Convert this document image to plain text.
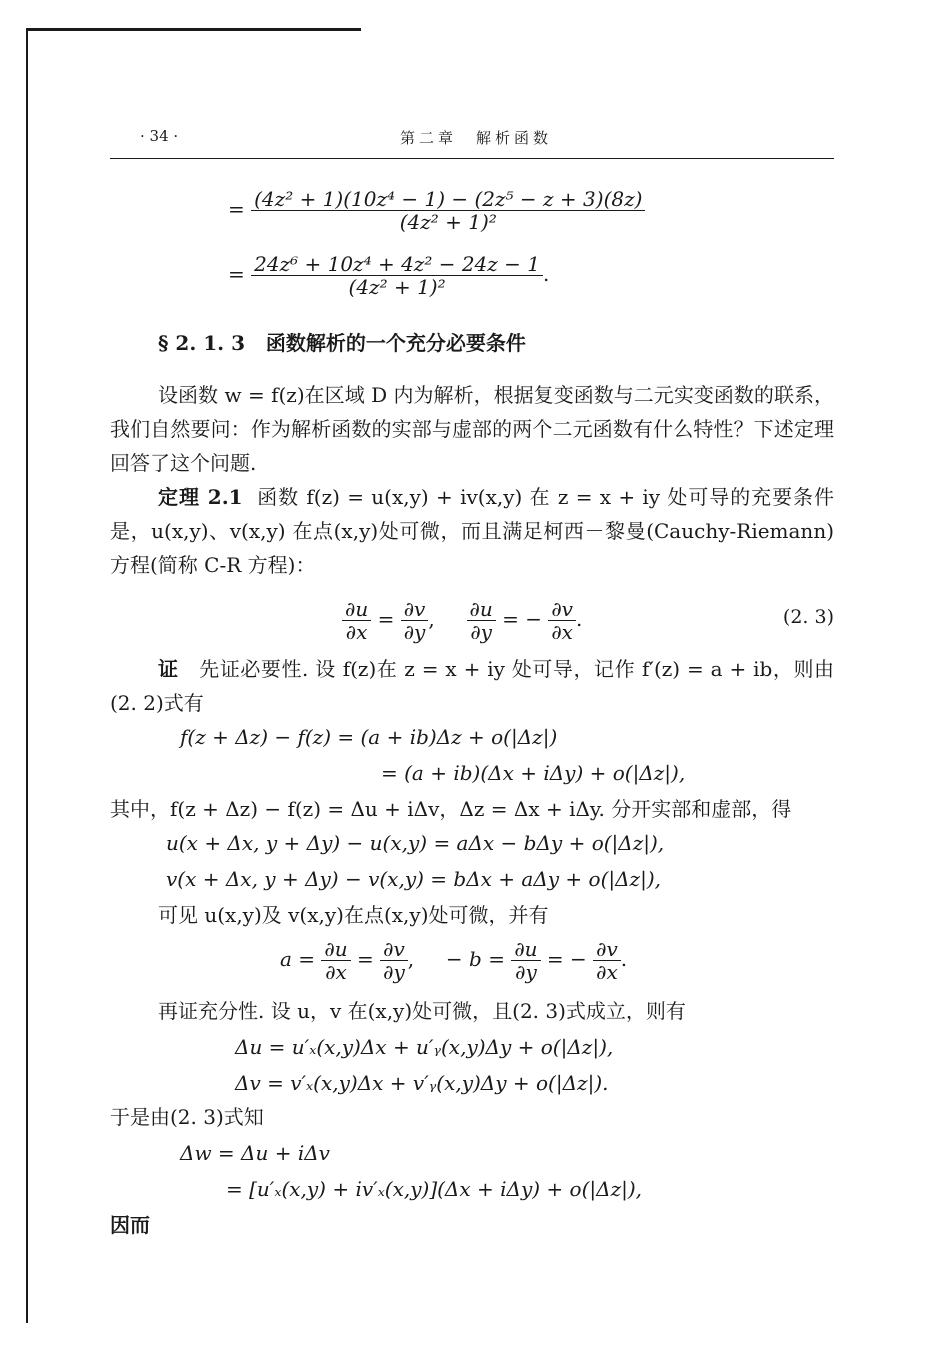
· 34 ·	第二章　解析函数
= $\frac{\text{(4z² + 1)(10z⁴ − 1) − (2z⁵ − z + 3)(8z)}}{\text{(4z² + 1)²}}$
= $\frac{\text{24z⁶ + 10z⁴ + 4z² − 24z − 1}}{\text{(4z² + 1)²}}$ .
§ 2. 1. 3 函数解析的一个充分必要条件

设函数 w = f(z)在区域 D 内为解析，根据复变函数与二元实变函数的联系，我们自然要问：作为解析函数的实部与虚部的两个二元函数有什么特性？下述定理回答了这个问题.

定理 2.1 函数 f(z) = u(x,y) + iv(x,y) 在 z = x + iy 处可导的充要条件是，u(x,y)、v(x,y) 在点(x,y)处可微，而且满足柯西－黎曼(Cauchy-Riemann)方程(简称 C-R 方程)：

$\frac{\partial u}{\partial x} = \frac{\partial v}{\partial y}$ , $\frac{\partial u}{\partial y}$ = − $\frac{\partial v}{\partial x}$ .	(2. 3)

证 先证必要性. 设 f(z)在 z = x + iy 处可导，记作 f′(z) = a + ib，则由(2. 2)式有

f(z + Δz) − f(z) = (a + ib)Δz + o(|Δz|)
= (a + ib)(Δx + iΔy) + o(|Δz|),

其中，f(z + Δz) − f(z) = Δu + iΔv，Δz = Δx + iΔy. 分开实部和虚部，得

u(x + Δx, y + Δy) − u(x,y) = aΔx − bΔy + o(|Δz|),
v(x + Δx, y + Δy) − v(x,y) = bΔx + aΔy + o(|Δz|),
可见 u(x,y)及 v(x,y)在点(x,y)处可微，并有
$a = \frac{\partial u}{\partial x} = \frac{\partial v}{\partial y}$ ,     − $b = \frac{\partial u}{\partial y}$ = − $\frac{\partial v}{\partial x}$ .
再证充分性. 设 u，v 在(x,y)处可微，且(2. 3)式成立，则有
Δu = u′ₓ(x,y)Δx + u′ᵧ(x,y)Δy + o(|Δz|),
Δv = v′ₓ(x,y)Δx + v′ᵧ(x,y)Δy + o(|Δz|).
于是由(2. 3)式知
Δw = Δu + iΔv
= [u′ₓ(x,y) + iv′ₓ(x,y)](Δx + iΔy) + o(|Δz|),
因而
